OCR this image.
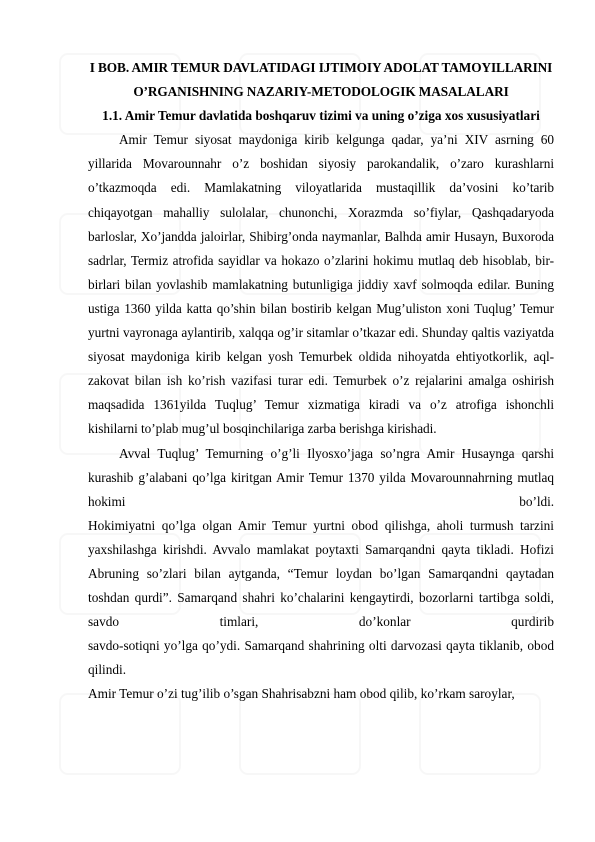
I BOB. AMIR TEMUR DAVLATIDAGI IJTIMOIY ADOLAT TAMOYILLARINI O’RGANISHNING NAZARIY-METODOLOGIK MASALALARI

1.1. Amir Temur davlatida boshqaruv tizimi va uning o’ziga xos xususiyatlari

Amir Temur siyosat maydoniga kirib kelgunga qadar, ya’ni XIV asrning 60 yillarida Movarounnahr o’z boshidan siyosiy parokandalik, o’zaro kurashlarni o’tkazmoqda edi. Mamlakatning viloyatlarida mustaqillik da’vosini ko’tarib chiqayotgan mahalliy sulolalar, chunonchi, Xorazmda so’fiylar, Qashqadaryoda barloslar, Xo’jandda jaloirlar, Shibirg’onda naymanlar, Balhda amir Husayn, Buxoroda sadrlar, Termiz atrofida sayidlar va hokazo o’zlarini hokimu mutlaq deb hisoblab, bir-birlari bilan yovlashib mamlakatning butunligiga jiddiy xavf solmoqda edilar. Buning ustiga 1360 yilda katta qo’shin bilan bostirib kelgan Mug’uliston xoni Tuqlug’ Temur yurtni vayronaga aylantirib, xalqqa og’ir sitamlar o’tkazar edi. Shunday qaltis vaziyatda siyosat maydoniga kirib kelgan yosh Temurbek oldida nihoyatda ehtiyotkorlik, aql-zakovat bilan ish ko’rish vazifasi turar edi. Temurbek o’z rejalarini amalga oshirish maqsadida 1361yilda Tuqlug’ Temur xizmatiga kiradi va o’z atrofiga ishonchli kishilarni to’plab mug’ul bosqinchilariga zarba berishga kirishadi.

Avval Tuqlug’ Temurning o’g’li Ilyosxo’jaga so’ngra Amir Husaynga qarshi kurashib g’alabani qo’lga kiritgan Amir Temur 1370 yilda Movarounnahrning mutlaq hokimi bo’ldi.

Hokimiyatni qo’lga olgan Amir Temur yurtni obod qilishga, aholi turmush tarzini yaxshilashga kirishdi. Avvalo mamlakat poytaxti Samarqandni qayta tikladi. Hofizi Abruning so’zlari bilan aytganda, “Temur loydan bo’lgan Samarqandni qaytadan toshdan qurdi”. Samarqand shahri ko’chalarini kengaytirdi, bozorlarni tartibga soldi, savdo timlari, do’konlar qurdirib

savdo-sotiqni yo’lga qo’ydi. Samarqand shahrining olti darvozasi qayta tiklanib, obod qilindi.

Amir Temur o’zi tug’ilib o’sgan Shahrisabzni ham obod qilib, ko’rkam saroylar,
